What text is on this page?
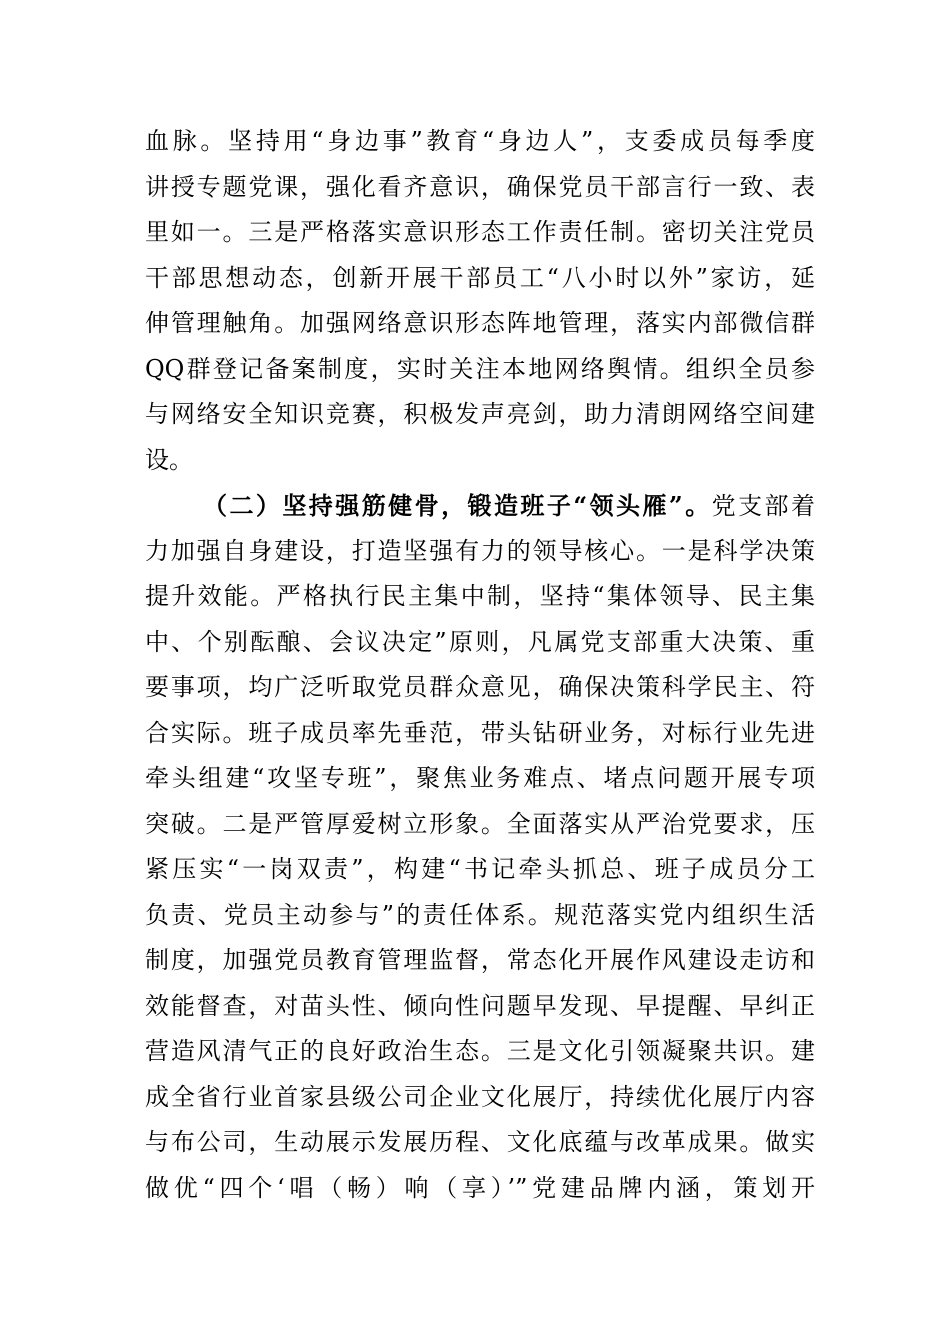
血脉。坚持用“身边事”教育“身边人”，支委成员每季度
讲授专题党课，强化看齐意识，确保党员干部言行一致、表
里如一。三是严格落实意识形态工作责任制。密切关注党员
干部思想动态，创新开展干部员工“八小时以外”家访，延
伸管理触角。加强网络意识形态阵地管理，落实内部微信群
QQ群登记备案制度，实时关注本地网络舆情。组织全员参
与网络安全知识竞赛，积极发声亮剑，助力清朗网络空间建
设。
（二）坚持强筋健骨，锻造班子“领头雁”。党支部着
力加强自身建设，打造坚强有力的领导核心。一是科学决策
提升效能。严格执行民主集中制，坚持“集体领导、民主集
中、个别酝酿、会议决定”原则，凡属党支部重大决策、重
要事项，均广泛听取党员群众意见，确保决策科学民主、符
合实际。班子成员率先垂范，带头钻研业务，对标行业先进
牵头组建“攻坚专班”，聚焦业务难点、堵点问题开展专项
突破。二是严管厚爱树立形象。全面落实从严治党要求，压
紧压实“一岗双责”，构建“书记牵头抓总、班子成员分工
负责、党员主动参与”的责任体系。规范落实党内组织生活
制度，加强党员教育管理监督，常态化开展作风建设走访和
效能督查，对苗头性、倾向性问题早发现、早提醒、早纠正
营造风清气正的良好政治生态。三是文化引领凝聚共识。建
成全省行业首家县级公司企业文化展厅，持续优化展厅内容
与布公司，生动展示发展历程、文化底蕴与改革成果。做实
做优“四个‘唱（畅）响（享）’”党建品牌内涵，策划开
